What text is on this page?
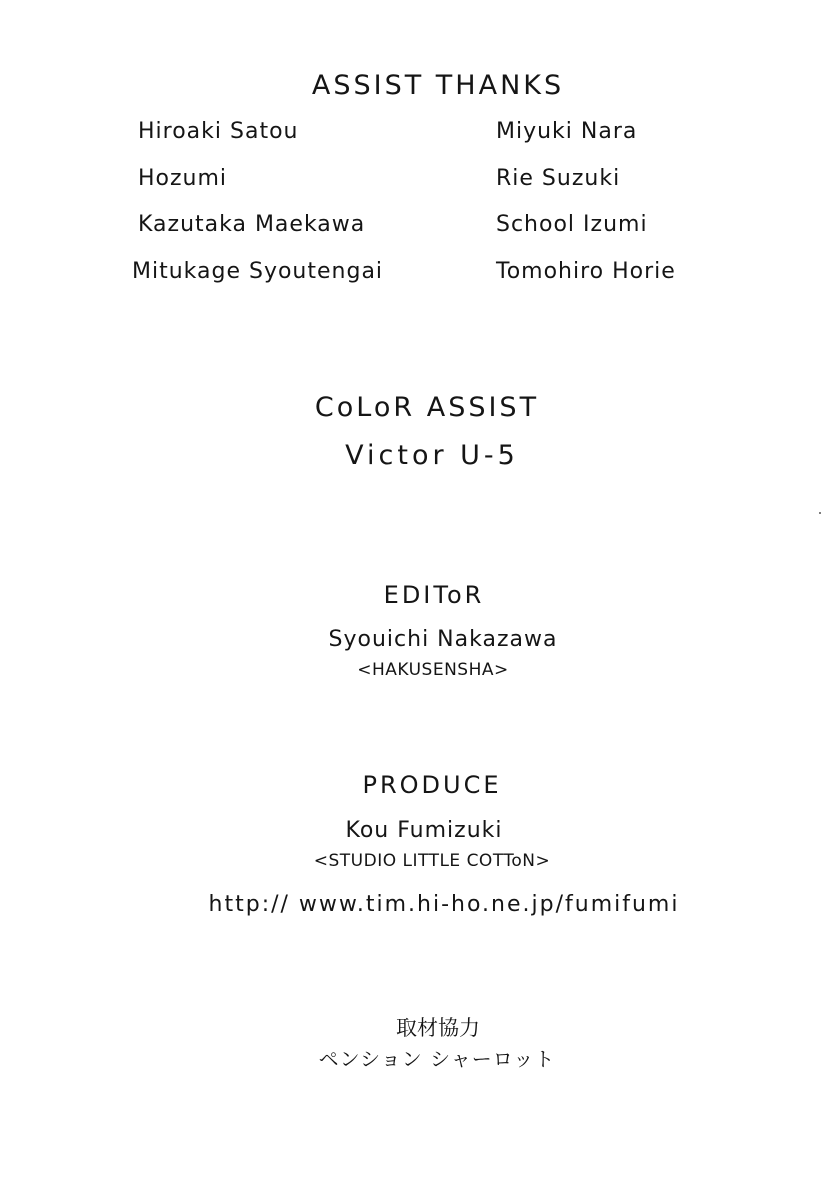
ASSIST THANKS
Hiroaki Satou
Hozumi
Kazutaka Maekawa
Mitukage Syoutengai
Miyuki Nara
Rie Suzuki
School Izumi
Tomohiro Horie
CoLoR ASSIST
Victor U-5
EDIToR
Syouichi Nakazawa
<HAKUSENSHA>
PRODUCE
Kou Fumizuki
<STUDIO LITTLE COTToN>
http:// www.tim.hi-ho.ne.jp/fumifumi
取材協力
ペンション シャーロット
